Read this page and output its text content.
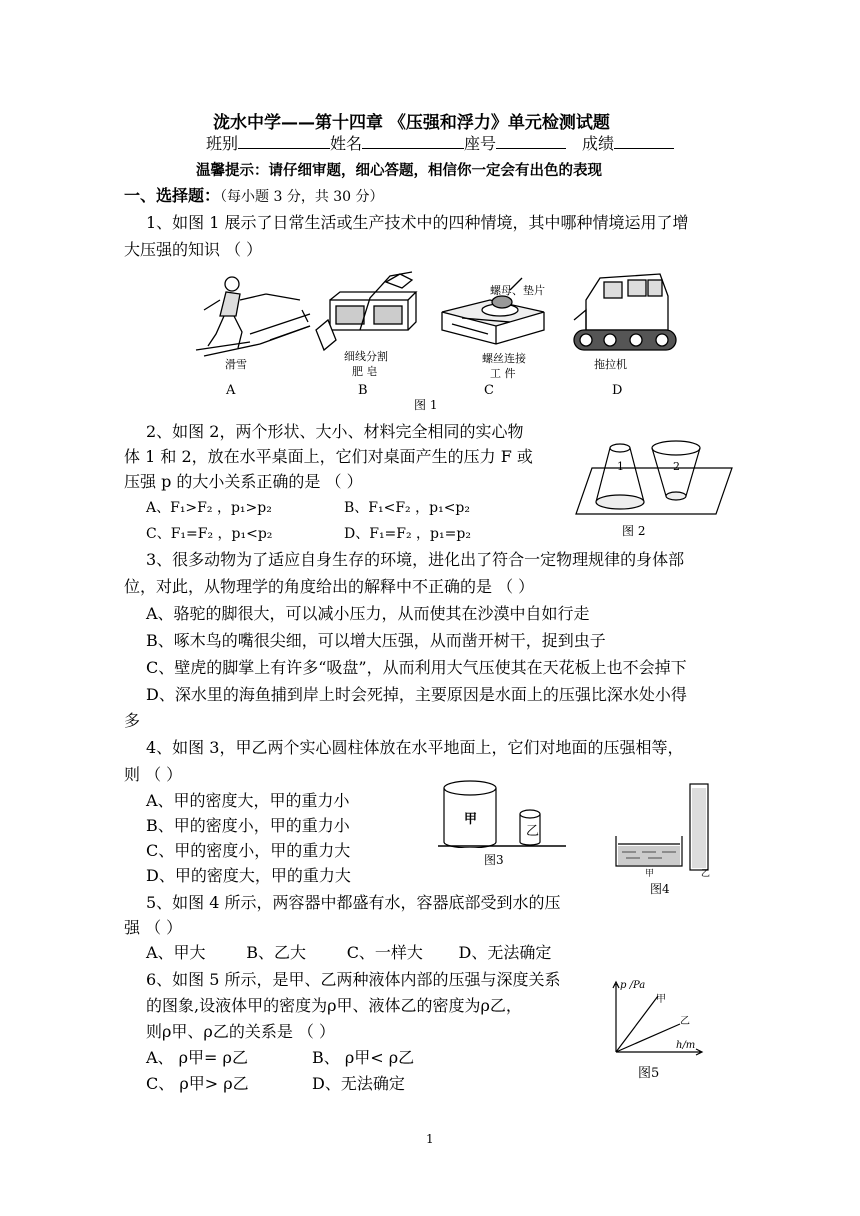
泷水中学——第十四章 《压强和浮力》单元检测试题
班别	姓名	座号	成绩
温馨提示：请仔细审题，细心答题，相信你一定会有出色的表现
一、选择题：（每小题 3 分，共 30 分）
1、如图 1 展示了日常生活或生产技术中的四种情境，其中哪种情境运用了增
大压强的知识 （ ）
滑雪
细线分割
肥 皂
螺母、垫片
螺丝连接
工 件
拖拉机
A	B	C	D
图 1
2、如图 2，两个形状、大小、材料完全相同的实心物
体 1 和 2，放在水平桌面上，它们对桌面产生的压力 F 或
压强 p 的大小关系正确的是 （ ）
A、F₁>F₂ ，p₁>p₂	B、F₁<F₂ ，p₁<p₂
C、F₁=F₂ ，p₁<p₂	D、F₁=F₂ ，p₁=p₂
1	2
图 2
3、很多动物为了适应自身生存的环境，进化出了符合一定物理规律的身体部
位，对此，从物理学的角度给出的解释中不正确的是 （ ）
A、骆驼的脚很大，可以减小压力，从而使其在沙漠中自如行走
B、啄木鸟的嘴很尖细，可以增大压强，从而凿开树干，捉到虫子
C、壁虎的脚掌上有许多“吸盘”，从而利用大气压使其在天花板上也不会掉下
D、深水里的海鱼捕到岸上时会死掉，主要原因是水面上的压强比深水处小得
多
4、如图 3，甲乙两个实心圆柱体放在水平地面上，它们对地面的压强相等，
则 （ ）
A、甲的密度大，甲的重力小
B、甲的密度小，甲的重力小
C、甲的密度小，甲的重力大
D、甲的密度大，甲的重力大
甲
乙
图3
甲	乙
图4
5、如图 4 所示，两容器中都盛有水，容器底部受到水的压
强 （ ）
A、甲大        B、乙大        C、一样大       D、无法确定
6、如图 5 所示，是甲、乙两种液体内部的压强与深度关系
的图象,设液体甲的密度为ρ甲、液体乙的密度为ρ乙，
则ρ甲、ρ乙的关系是 （ ）
A、 ρ甲= ρ乙	B、 ρ甲< ρ乙
C、 ρ甲> ρ乙	D、无法确定
p /Pa
甲
乙
h/m
图5
1
